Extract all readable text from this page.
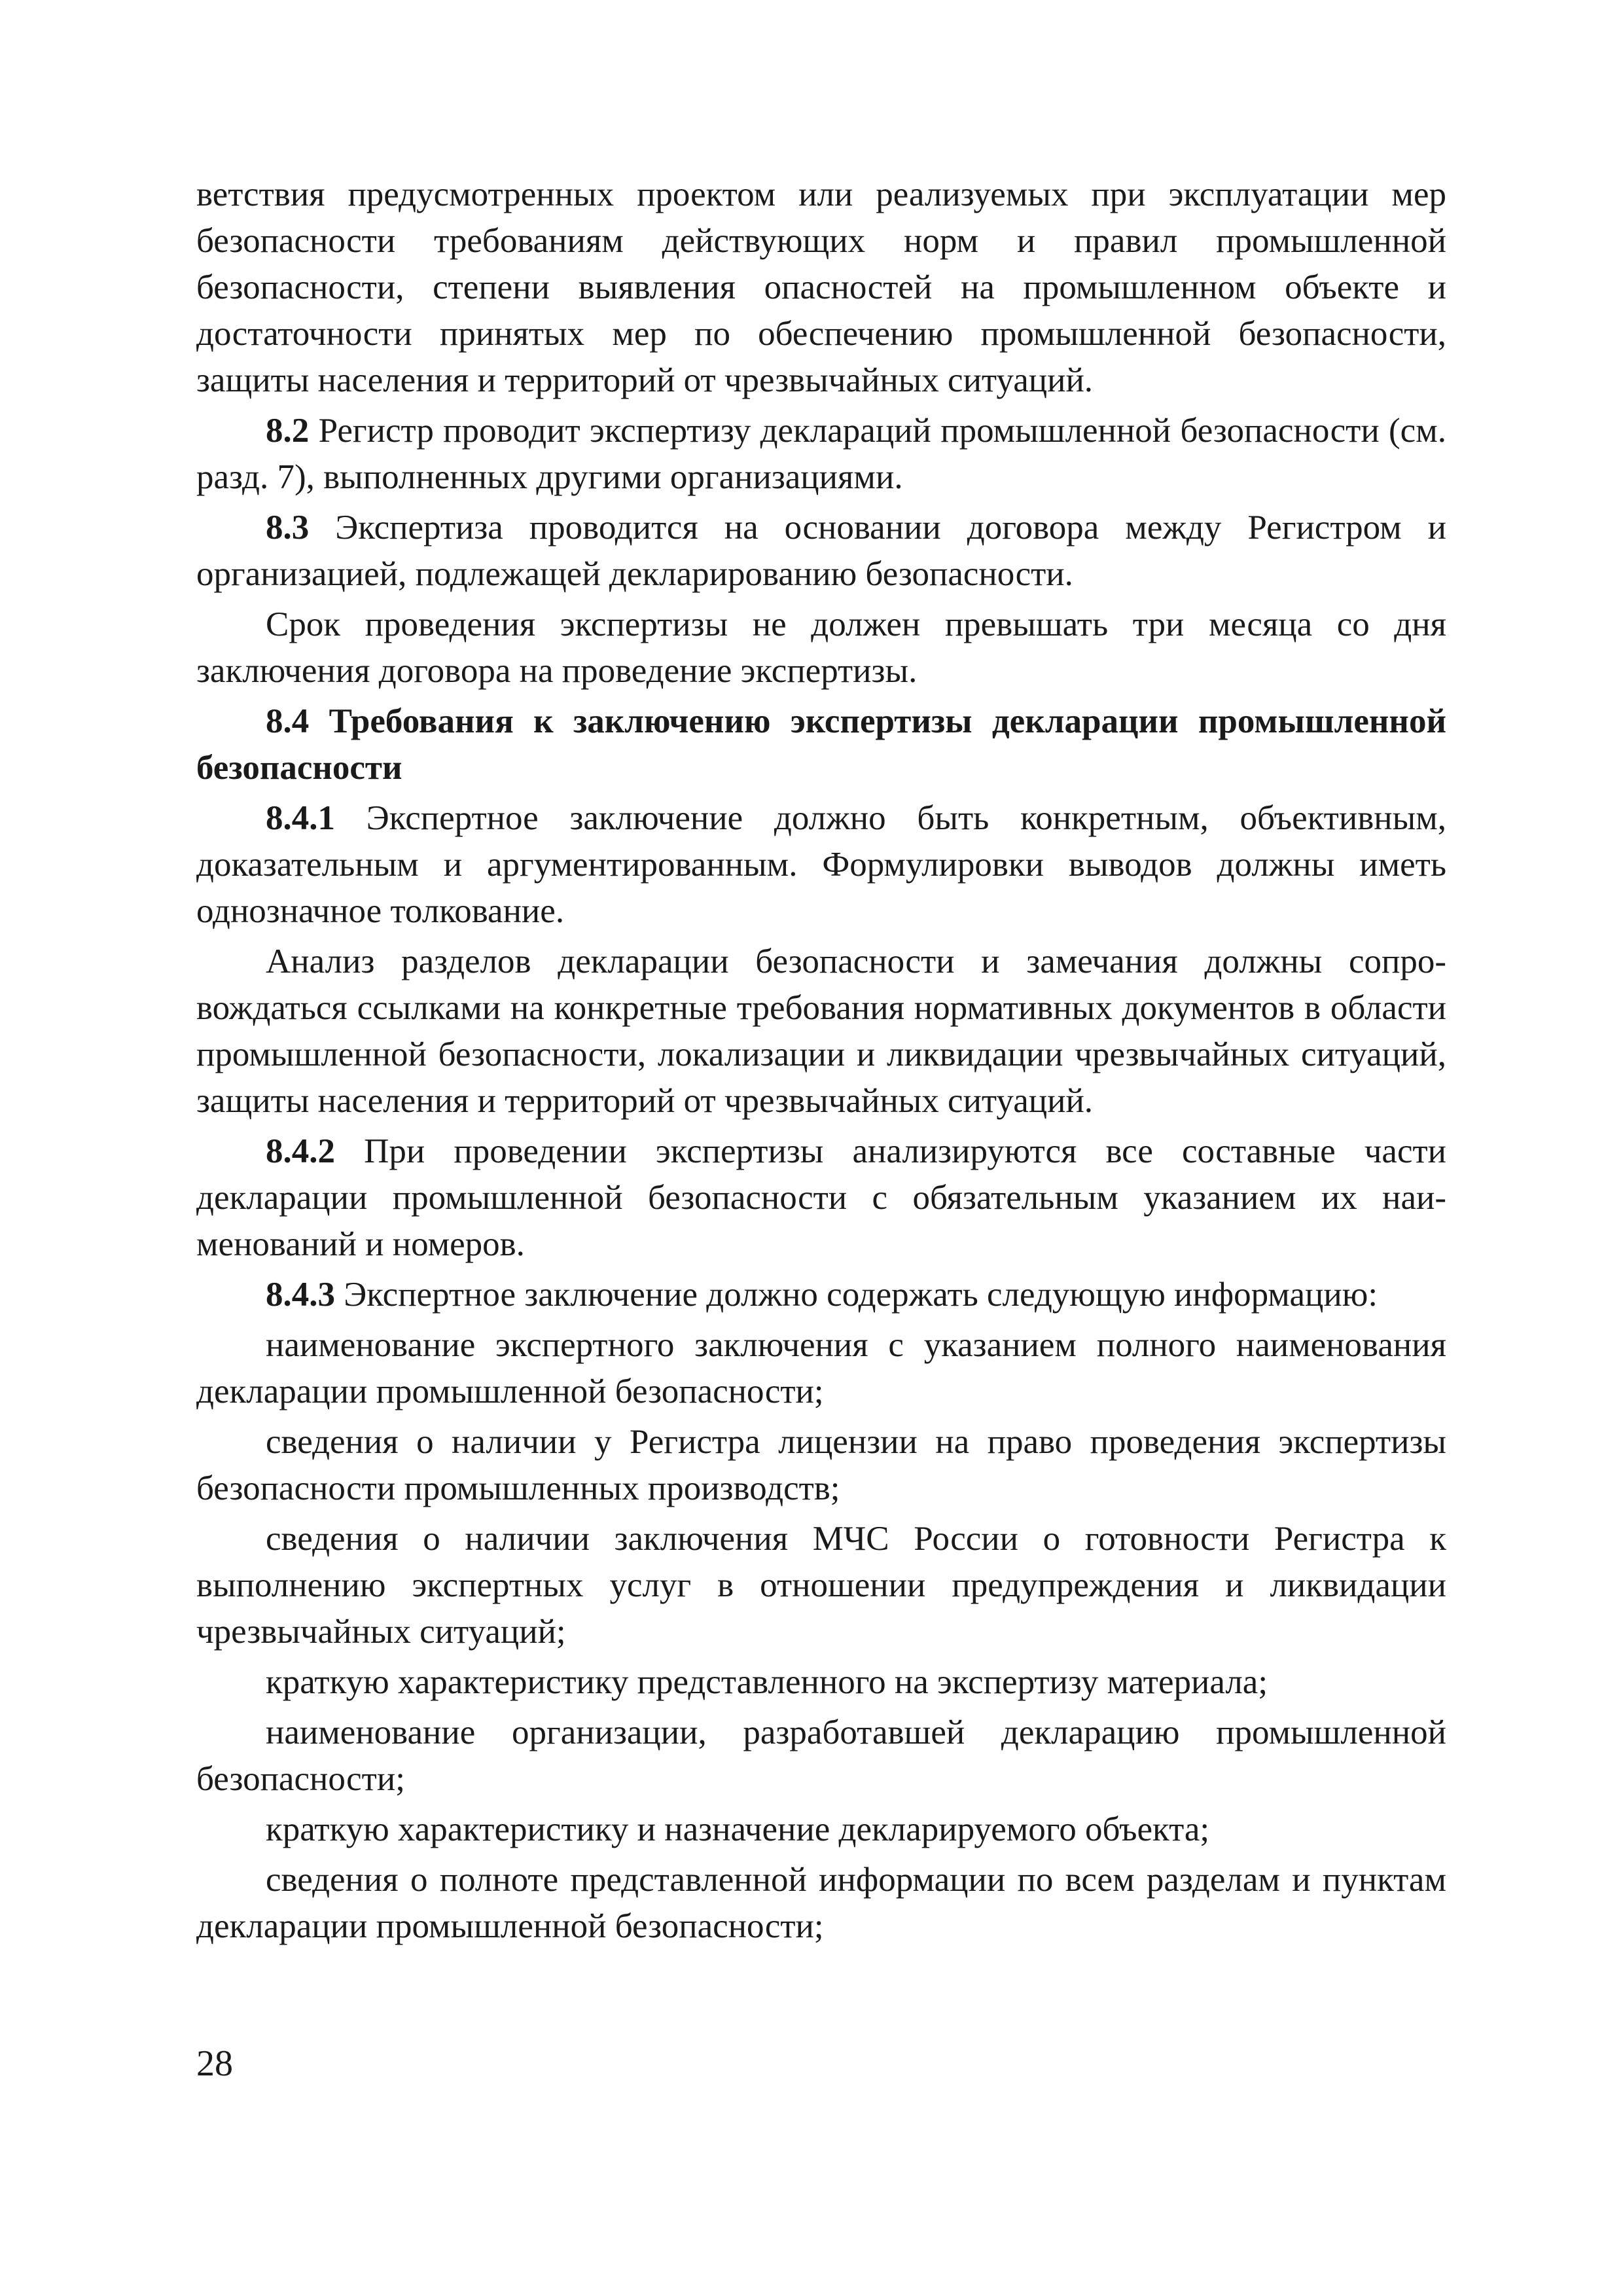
ветствия предусмотренных проектом или реализуемых при эксплуатации мер безопасности требованиям действующих норм и правил промышленной безопасности, степени выявления опасностей на промышленном объекте и достаточности принятых мер по обеспечению промышленной безопасности, защиты населения и территорий от чрезвычайных ситуаций.

8.2 Регистр проводит экспертизу деклараций промышленной безопасности (см. разд. 7), выполненных другими организациями.

8.3 Экспертиза проводится на основании договора между Регистром и организацией, подлежащей декларированию безопасности.

Срок проведения экспертизы не должен превышать три месяца со дня заключения договора на проведение экспертизы.

8.4 Требования к заключению экспертизы декларации промышленной безопасности

8.4.1 Экспертное заключение должно быть конкретным, объективным, доказательным и аргументированным. Формулировки выводов должны иметь однозначное толкование.

Анализ разделов декларации безопасности и замечания должны сопровождаться ссылками на конкретные требования нормативных документов в области промышленной безопасности, локализации и ликвидации чрезвычайных ситуаций, защиты населения и территорий от чрезвычайных ситуаций.

8.4.2 При проведении экспертизы анализируются все составные части декларации промышленной безопасности с обязательным указанием их наименований и номеров.

8.4.3 Экспертное заключение должно содержать следующую информацию:

наименование экспертного заключения с указанием полного наименования декларации промышленной безопасности;

сведения о наличии у Регистра лицензии на право проведения экспертизы безопасности промышленных производств;

сведения о наличии заключения МЧС России о готовности Регистра к выполнению экспертных услуг в отношении предупреждения и ликвидации чрезвычайных ситуаций;

краткую характеристику представленного на экспертизу материала;

наименование организации, разработавшей декларацию промышленной безопасности;

краткую характеристику и назначение декларируемого объекта;

сведения о полноте представленной информации по всем разделам и пунктам декларации промышленной безопасности;

28
